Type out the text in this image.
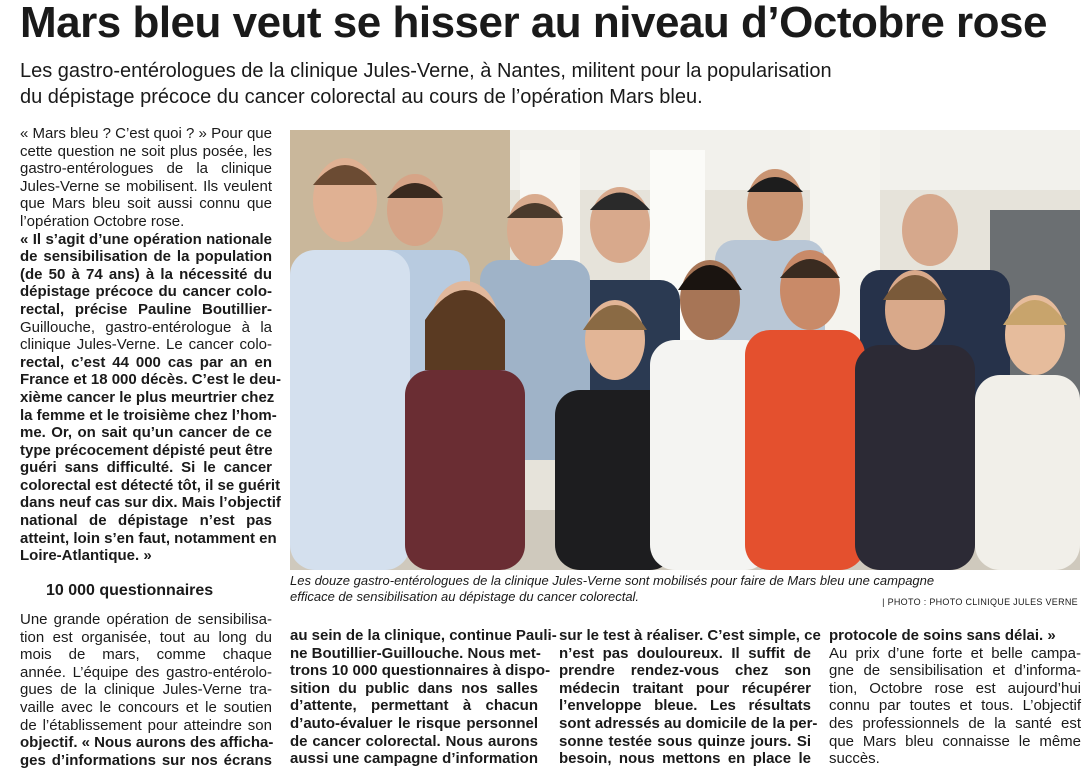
Mars bleu veut se hisser au niveau d’Octobre rose
Les gastro-entérologues de la clinique Jules-Verne, à Nantes, militent pour la popularisation
du dépistage précoce du cancer colorectal au cours de l’opération Mars bleu.
« Mars bleu ? C’est quoi ? » Pour que
cette question ne soit plus posée, les
gastro-entérologues de la clinique
Jules-Verne se mobilisent. Ils veulent
que Mars bleu soit aussi connu que
l’opération Octobre rose.
« Il s’agit d’une opération nationale
de sensibilisation de la population
(de 50 à 74 ans) à la nécessité du
dépistage précoce du cancer colo-
rectal, précise Pauline Boutillier-
Guillouche, gastro-entérologue à la
clinique Jules-Verne. Le cancer colo-
rectal, c’est 44 000 cas par an en
France et 18 000 décès. C’est le deu-
xième cancer le plus meurtrier chez
la femme et le troisième chez l’hom-
me. Or, on sait qu’un cancer de ce
type précocement dépisté peut être
guéri sans difficulté. Si le cancer
colorectal est détecté tôt, il se guérit
dans neuf cas sur dix. Mais l’objectif
national de dépistage n’est pas
atteint, loin s’en faut, notamment en
Loire-Atlantique. »
10 000 questionnaires
Une grande opération de sensibilisa-
tion est organisée, tout au long du
mois de mars, comme chaque
année. L’équipe des gastro-entérolo-
gues de la clinique Jules-Verne tra-
vaille avec le concours et le soutien
de l’établissement pour atteindre son
objectif. « Nous aurons des afficha-
ges d’informations sur nos écrans
au sein de la clinique, continue Pauli-
ne Boutillier-Guillouche. Nous met-
trons 10 000 questionnaires à dispo-
sition du public dans nos salles
d’attente, permettant à chacun
d’auto-évaluer le risque personnel
de cancer colorectal. Nous aurons
aussi une campagne d’information
sur le test à réaliser. C’est simple, ce
n’est pas douloureux. Il suffit de
prendre rendez-vous chez son
médecin traitant pour récupérer
l’enveloppe bleue. Les résultats
sont adressés au domicile de la per-
sonne testée sous quinze jours. Si
besoin, nous mettons en place le
protocole de soins sans délai. »
Au prix d’une forte et belle campa-
gne de sensibilisation et d’informa-
tion, Octobre rose est aujourd’hui
connu par toutes et tous. L’objectif
des professionnels de la santé est
que Mars bleu connaisse le même
succès.
Les douze gastro-entérologues de la clinique Jules-Verne sont mobilisés pour faire de Mars bleu une campagne
efficace de sensibilisation au dépistage du cancer colorectal.	| PHOTO : PHOTO CLINIQUE JULES VERNE
